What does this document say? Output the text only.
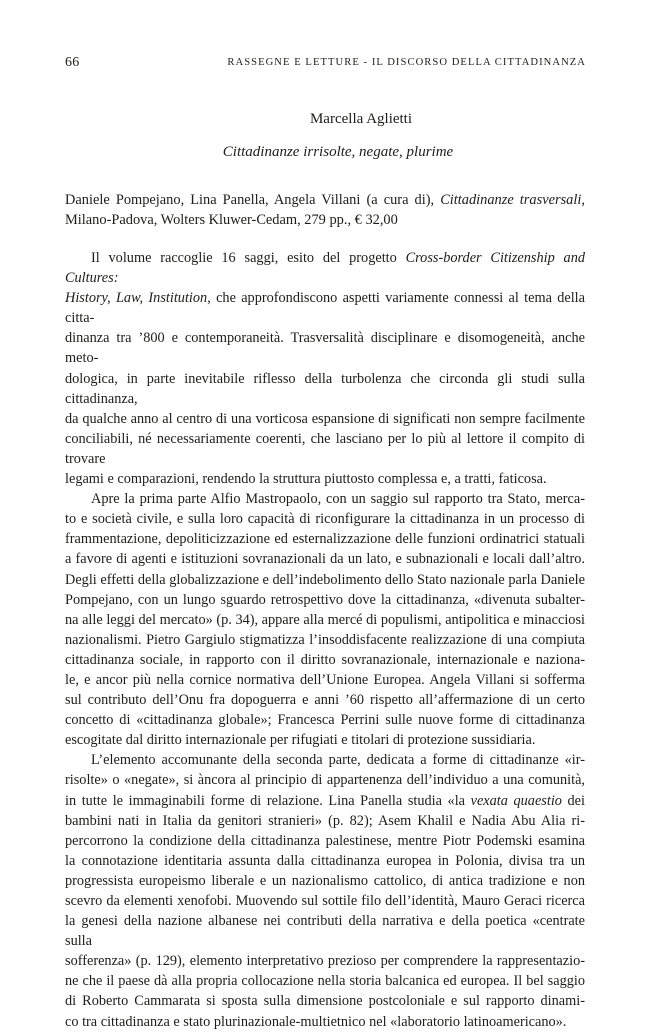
66	RASSEGNE E LETTURE - IL DISCORSO DELLA CITTADINANZA
Marcella Aglietti
Cittadinanze irrisolte, negate, plurime
Daniele Pompejano, Lina Panella, Angela Villani (a cura di), Cittadinanze trasversali, Milano-Padova, Wolters Kluwer-Cedam, 279 pp., € 32,00
Il volume raccoglie 16 saggi, esito del progetto Cross-border Citizenship and Cultures:
History, Law, Institution, che approfondiscono aspetti variamente connessi al tema della citta-
dinanza tra ’800 e contemporaneità. Trasversalità disciplinare e disomogeneità, anche meto-
dologica, in parte inevitabile riflesso della turbolenza che circonda gli studi sulla cittadinanza,
da qualche anno al centro di una vorticosa espansione di significati non sempre facilmente
conciliabili, né necessariamente coerenti, che lasciano per lo più al lettore il compito di trovare
legami e comparazioni, rendendo la struttura piuttosto complessa e, a tratti, faticosa.
Apre la prima parte Alfio Mastropaolo, con un saggio sul rapporto tra Stato, merca-
to e società civile, e sulla loro capacità di riconfigurare la cittadinanza in un processo di
frammentazione, depoliticizzazione ed esternalizzazione delle funzioni ordinatrici statuali
a favore di agenti e istituzioni sovranazionali da un lato, e subnazionali e locali dall’altro.
Degli effetti della globalizzazione e dell’indebolimento dello Stato nazionale parla Daniele
Pompejano, con un lungo sguardo retrospettivo dove la cittadinanza, «divenuta subalter-
na alle leggi del mercato» (p. 34), appare alla mercé di populismi, antipolitica e minacciosi
nazionalismi. Pietro Gargiulo stigmatizza l’insoddisfacente realizzazione di una compiuta
cittadinanza sociale, in rapporto con il diritto sovranazionale, internazionale e naziona-
le, e ancor più nella cornice normativa dell’Unione Europea. Angela Villani si sofferma
sul contributo dell’Onu fra dopoguerra e anni ’60 rispetto all’affermazione di un certo
concetto di «cittadinanza globale»; Francesca Perrini sulle nuove forme di cittadinanza
escogitate dal diritto internazionale per rifugiati e titolari di protezione sussidiaria.
L’elemento accomunante della seconda parte, dedicata a forme di cittadinanze «ir-
risolte» o «negate», si àncora al principio di appartenenza dell’individuo a una comunità,
in tutte le immaginabili forme di relazione. Lina Panella studia «la vexata quaestio dei
bambini nati in Italia da genitori stranieri» (p. 82); Asem Khalil e Nadia Abu Alia ri-
percorrono la condizione della cittadinanza palestinese, mentre Piotr Podemski esamina
la connotazione identitaria assunta dalla cittadinanza europea in Polonia, divisa tra un
progressista europeismo liberale e un nazionalismo cattolico, di antica tradizione e non
scevro da elementi xenofobi. Muovendo sul sottile filo dell’identità, Mauro Geraci ricerca
la genesi della nazione albanese nei contributi della narrativa e della poetica «centrate sulla
sofferenza» (p. 129), elemento interpretativo prezioso per comprendere la rappresentazio-
ne che il paese dà alla propria collocazione nella storia balcanica ed europea. Il bel saggio
di Roberto Cammarata si sposta sulla dimensione postcoloniale e sul rapporto dinami-
co tra cittadinanza e stato plurinazionale-multietnico nel «laboratorio latinoamericano».
